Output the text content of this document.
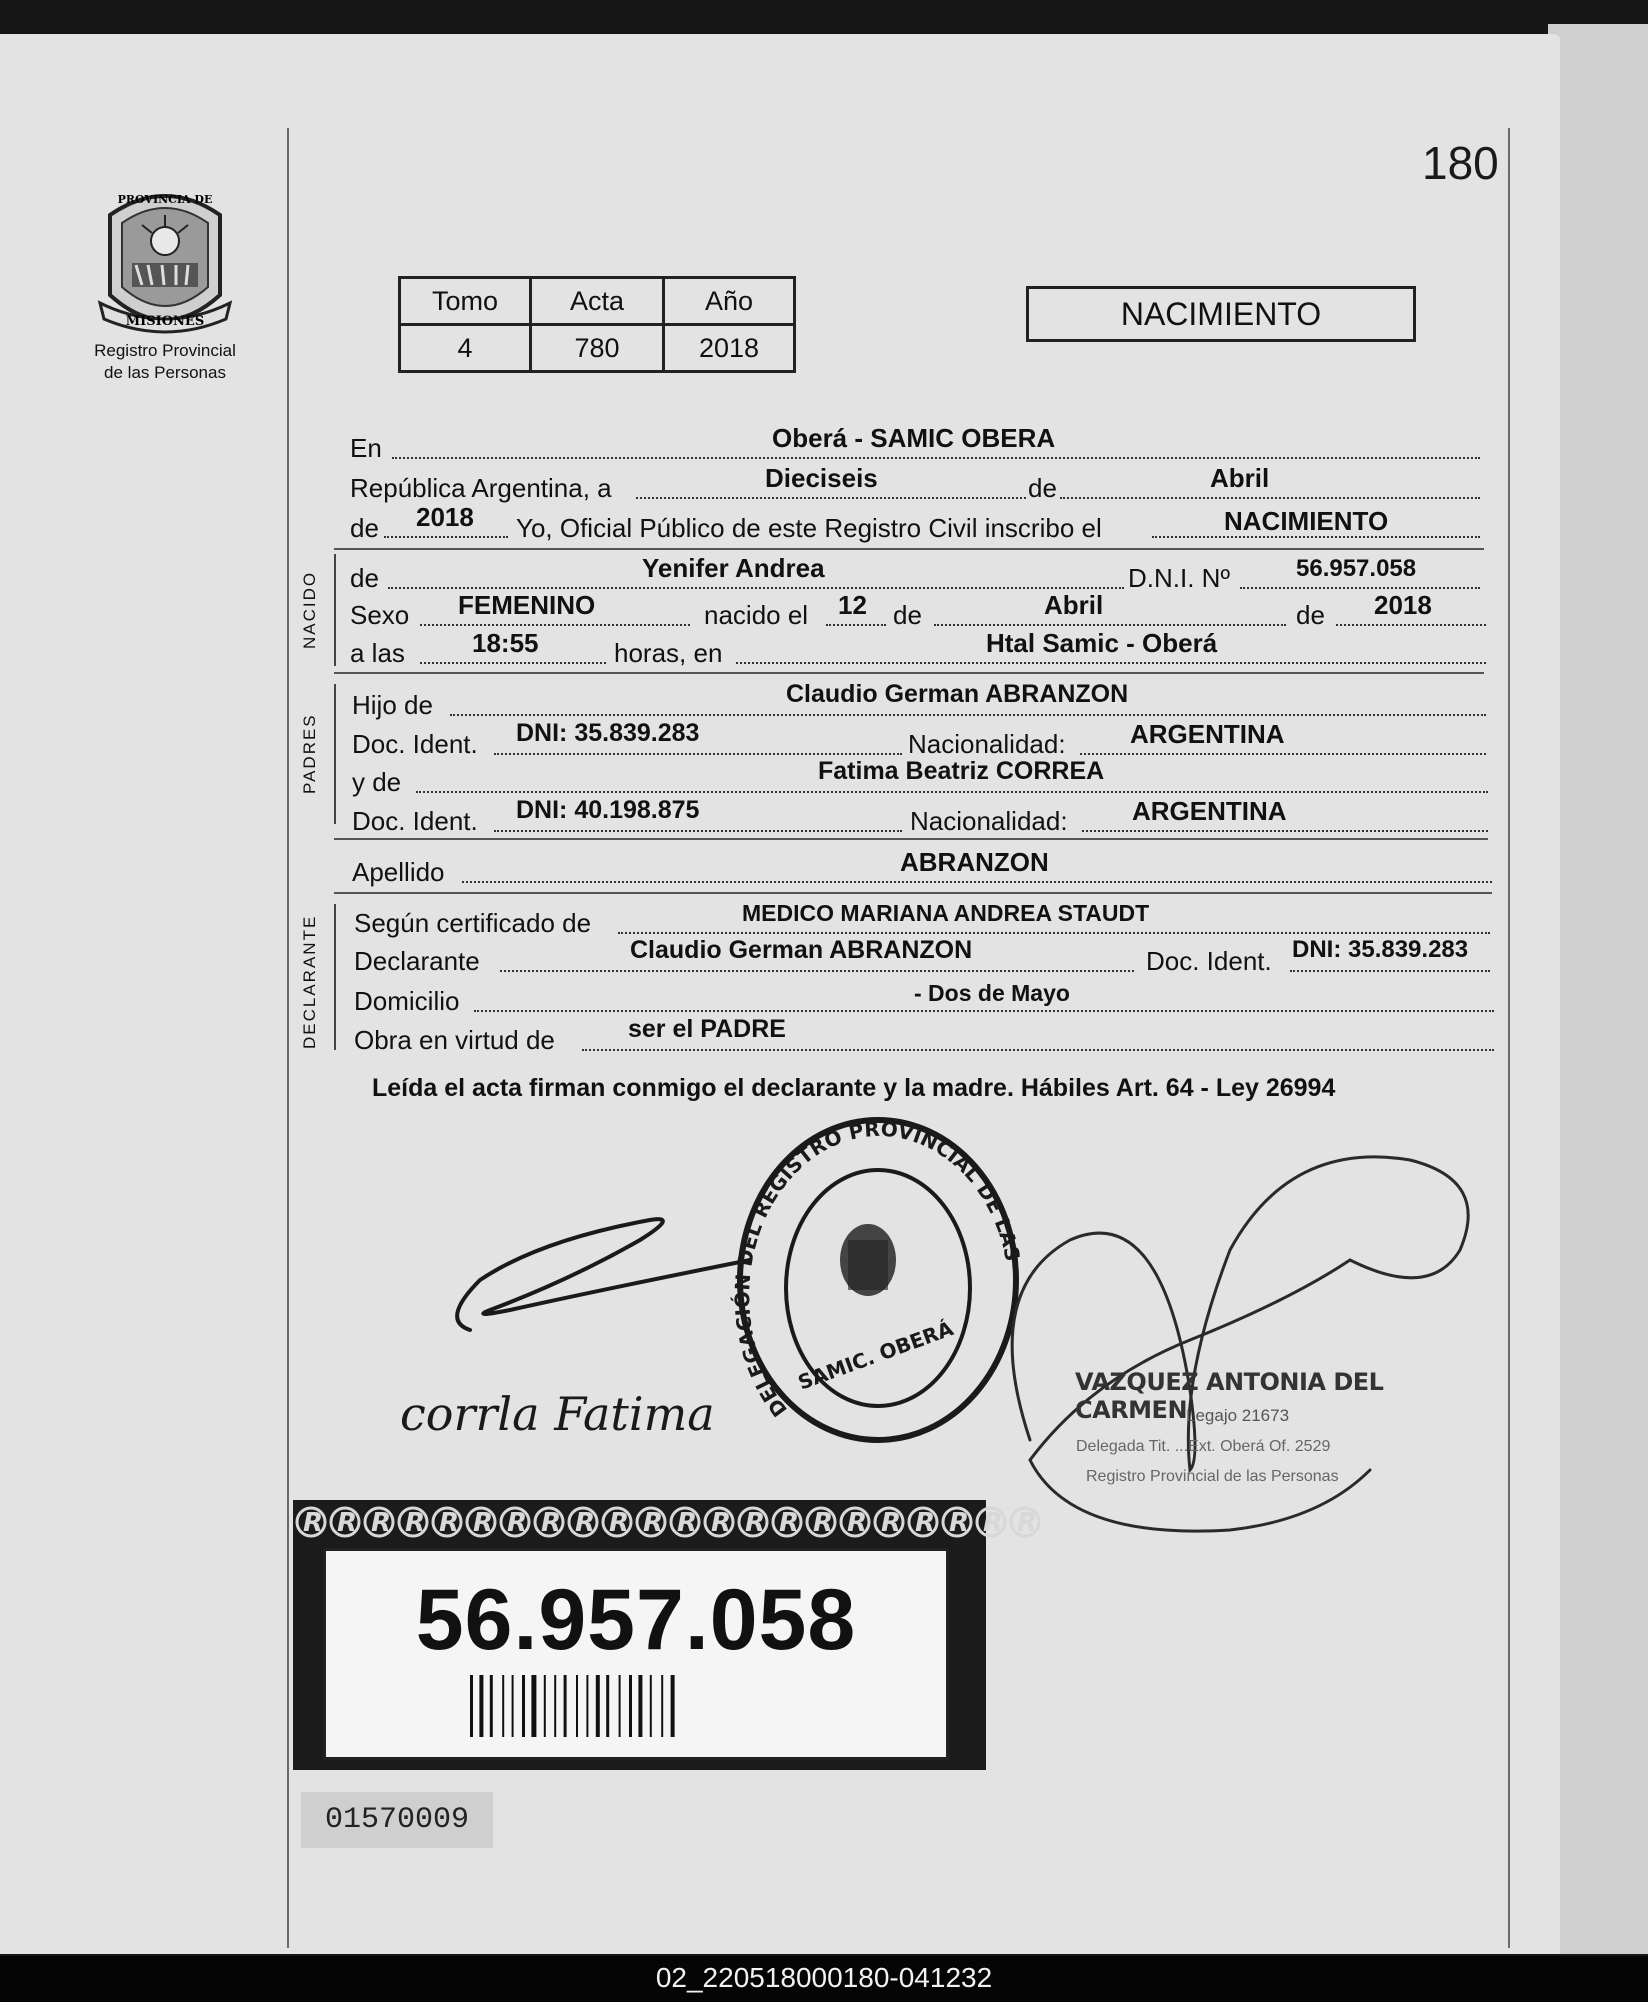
PROVINCIA DE
MISIONES
Registro Provincial
de las Personas
180
Tomo	Acta	Año
4	780	2018
NACIMIENTO
En	Oberá - SAMIC OBERA
República Argentina, a	Dieciseis	de	Abril
de 2018 Yo, Oficial Público de este Registro Civil inscribo el	NACIMIENTO
NACIDO de	Yenifer Andrea	D.N.I. Nº	56.957.058
Sexo FEMENINO	nacido el 12 de	Abril	de 2018
a las	18:55	horas, en	Htal Samic - Oberá
PADRES
Hijo de	Claudio German ABRANZON
Doc. Ident. DNI: 35.839.283	Nacionalidad: ARGENTINA
y de	Fatima Beatriz CORREA
Doc. Ident. DNI: 40.198.875	Nacionalidad: ARGENTINA
Apellido	ABRANZON
DECLARANTE Según certificado de	MEDICO MARIANA ANDREA STAUDT
Declarante	Claudio German ABRANZON	Doc. Ident. DNI: 35.839.283
Domicilio	- Dos de Mayo
Obra en virtud de	ser el PADRE
Leída el acta firman conmigo el declarante y la madre. Hábiles Art. 64 - Ley 26994
corrla Fatima	DELEGACIÓN DEL REGISTRO PROVINCIAL DE LAS
SAMIC. OBERÁ	VAZQUEZ ANTONIA DEL CARMEN
Legajo 21673
Delegada Tit. ...Ext. Oberá Of. 2529
Registro Provincial de las Personas
R R R R R R R R R R R R R R R R R R R R R R
56.957.058
01570009
02_220518000180-041232
